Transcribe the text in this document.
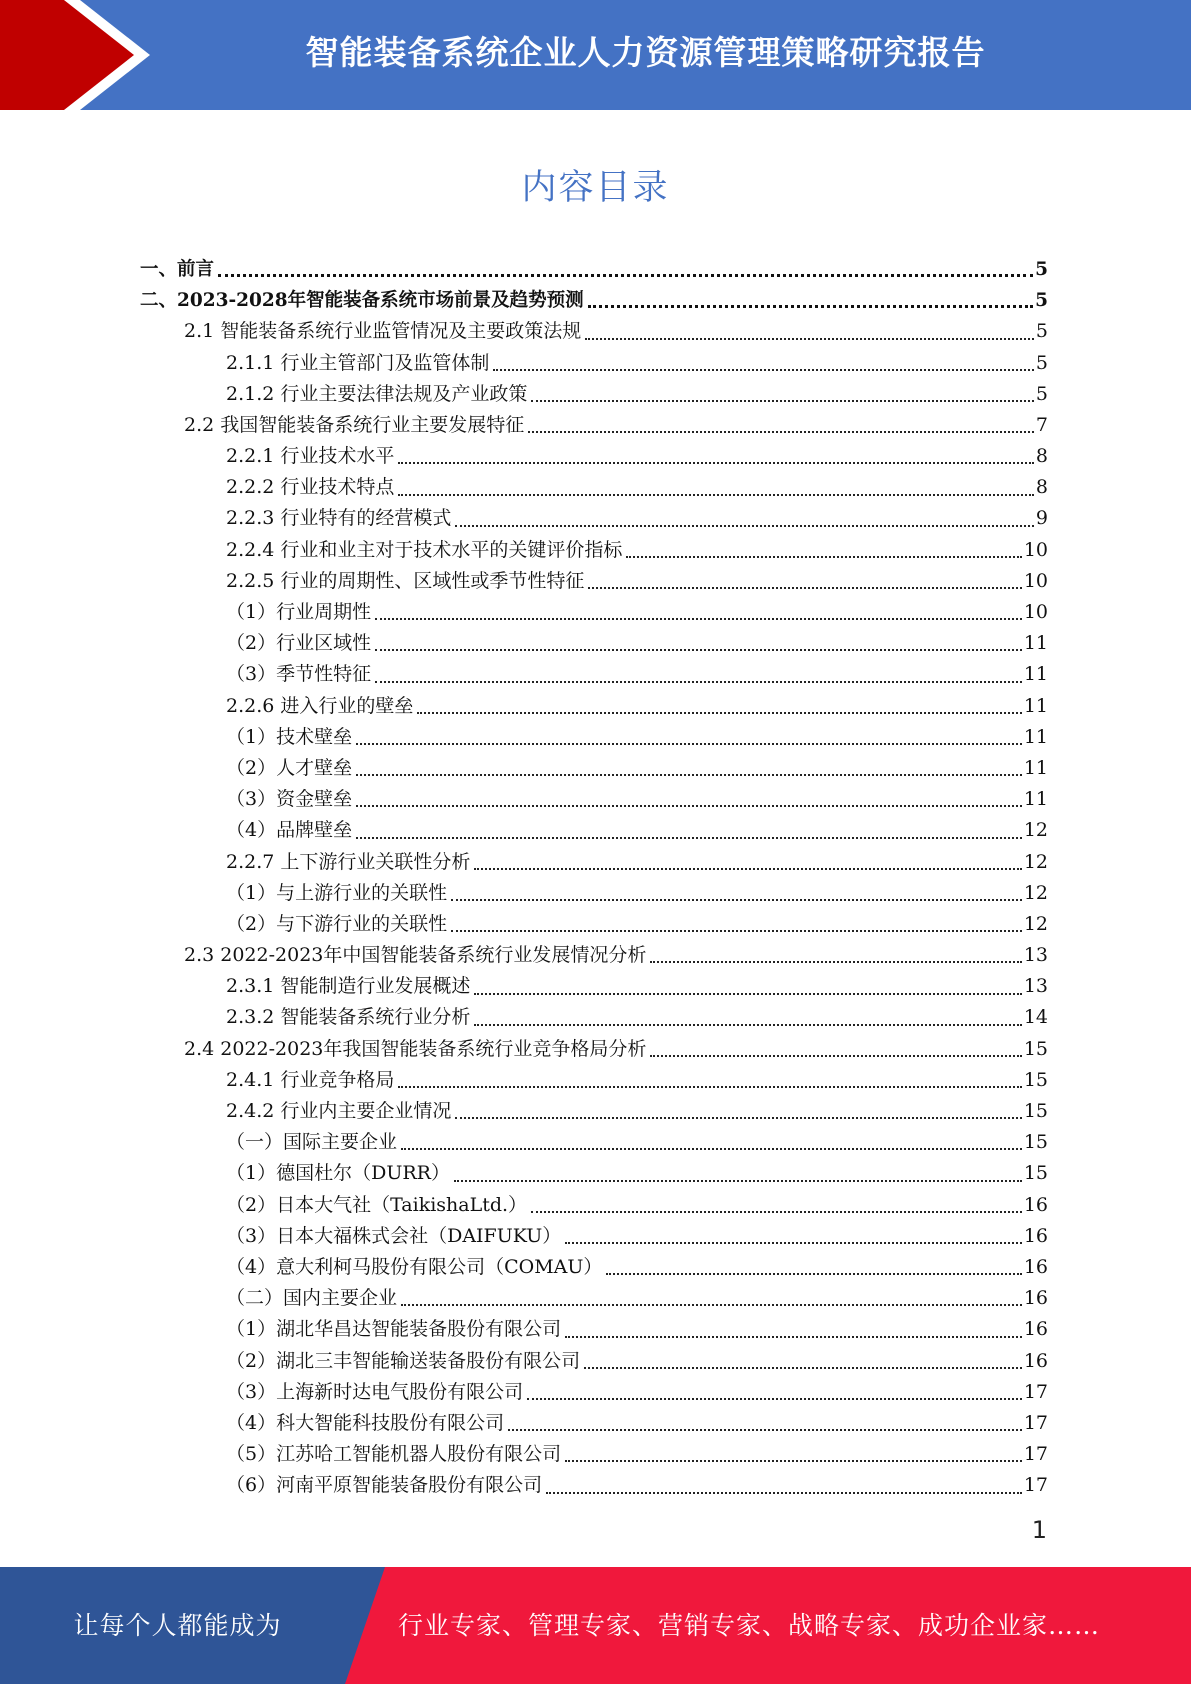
智能装备系统企业人力资源管理策略研究报告
内容目录
一、前言	5
二、2023-2028年智能装备系统市场前景及趋势预测	5
2.1 智能装备系统行业监管情况及主要政策法规	5
2.1.1 行业主管部门及监管体制	5
2.1.2 行业主要法律法规及产业政策	5
2.2 我国智能装备系统行业主要发展特征	7
2.2.1 行业技术水平	8
2.2.2 行业技术特点	8
2.2.3 行业特有的经营模式	9
2.2.4 行业和业主对于技术水平的关键评价指标	10
2.2.5 行业的周期性、区域性或季节性特征	10
（1）行业周期性	10
（2）行业区域性	11
（3）季节性特征	11
2.2.6 进入行业的壁垒	11
（1）技术壁垒	11
（2）人才壁垒	11
（3）资金壁垒	11
（4）品牌壁垒	12
2.2.7 上下游行业关联性分析	12
（1）与上游行业的关联性	12
（2）与下游行业的关联性	12
2.3 2022-2023年中国智能装备系统行业发展情况分析	13
2.3.1 智能制造行业发展概述	13
2.3.2 智能装备系统行业分析	14
2.4 2022-2023年我国智能装备系统行业竞争格局分析	15
2.4.1 行业竞争格局	15
2.4.2 行业内主要企业情况	15
（一）国际主要企业	15
（1）德国杜尔（DURR）	15
（2）日本大气社（TaikishaLtd.）	16
（3）日本大福株式会社（DAIFUKU）	16
（4）意大利柯马股份有限公司（COMAU）	16
（二）国内主要企业	16
（1）湖北华昌达智能装备股份有限公司	16
（2）湖北三丰智能输送装备股份有限公司	16
（3）上海新时达电气股份有限公司	17
（4）科大智能科技股份有限公司	17
（5）江苏哈工智能机器人股份有限公司	17
（6）河南平原智能装备股份有限公司	17
1
让每个人都能成为	行业专家、管理专家、营销专家、战略专家、成功企业家……
